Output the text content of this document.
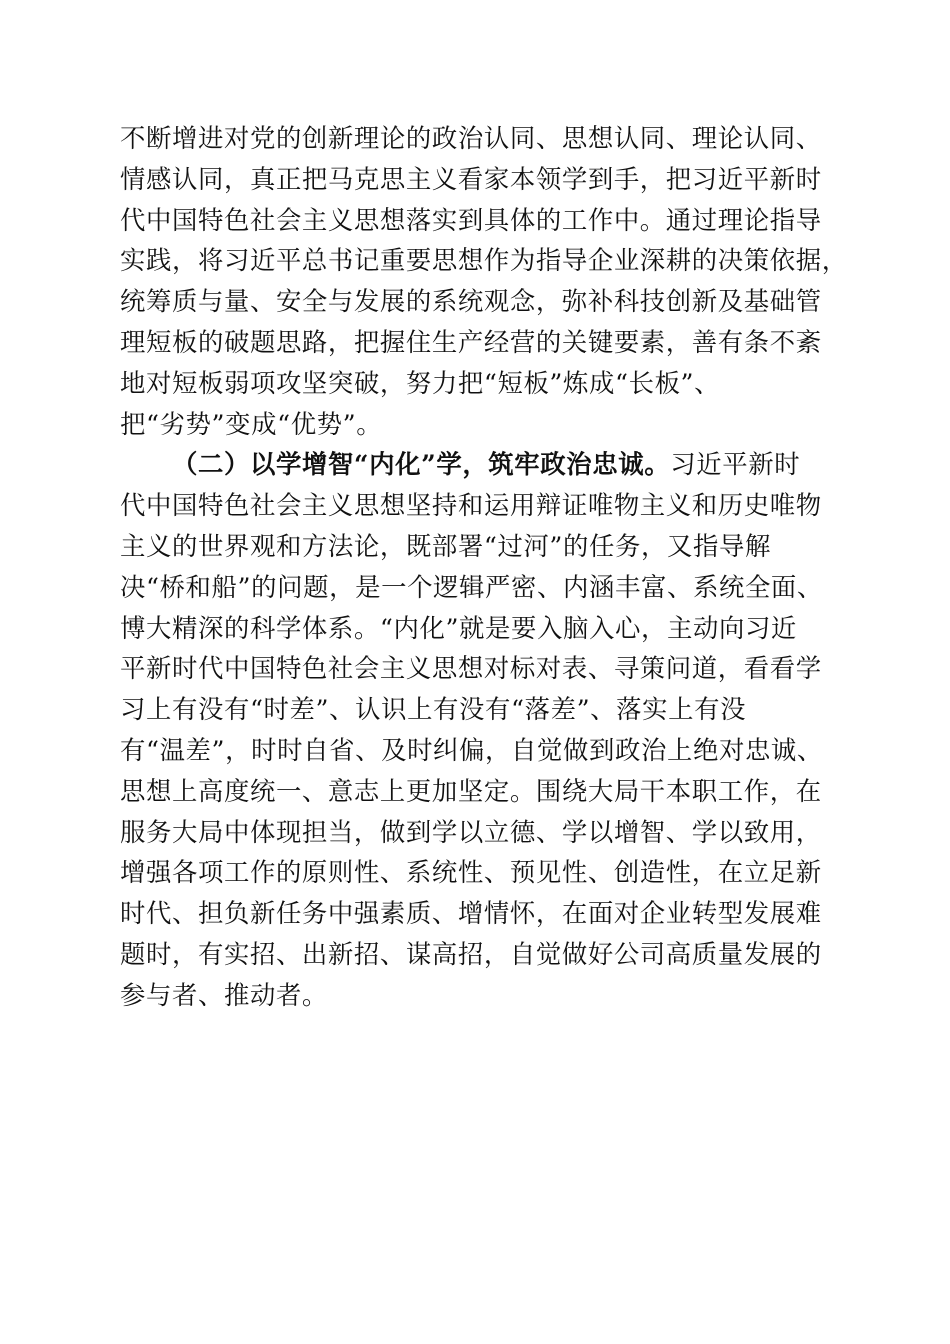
不断增进对党的创新理论的政治认同、思想认同、理论认同、
情感认同，真正把马克思主义看家本领学到手，把习近平新时
代中国特色社会主义思想落实到具体的工作中。通过理论指导
实践，将习近平总书记重要思想作为指导企业深耕的决策依据，
统筹质与量、安全与发展的系统观念，弥补科技创新及基础管
理短板的破题思路，把握住生产经营的关键要素，善有条不紊
地对短板弱项攻坚突破，努力把“短板”炼成“长板”、
把“劣势”变成“优势”。
（二）以学增智“内化”学，筑牢政治忠诚。习近平新时
代中国特色社会主义思想坚持和运用辩证唯物主义和历史唯物
主义的世界观和方法论，既部署“过河”的任务，又指导解
决“桥和船”的问题，是一个逻辑严密、内涵丰富、系统全面、
博大精深的科学体系。“内化”就是要入脑入心，主动向习近
平新时代中国特色社会主义思想对标对表、寻策问道，看看学
习上有没有“时差”、认识上有没有“落差”、落实上有没
有“温差”，时时自省、及时纠偏，自觉做到政治上绝对忠诚、
思想上高度统一、意志上更加坚定。围绕大局干本职工作，在
服务大局中体现担当，做到学以立德、学以增智、学以致用，
增强各项工作的原则性、系统性、预见性、创造性，在立足新
时代、担负新任务中强素质、增情怀，在面对企业转型发展难
题时，有实招、出新招、谋高招，自觉做好公司高质量发展的
参与者、推动者。
